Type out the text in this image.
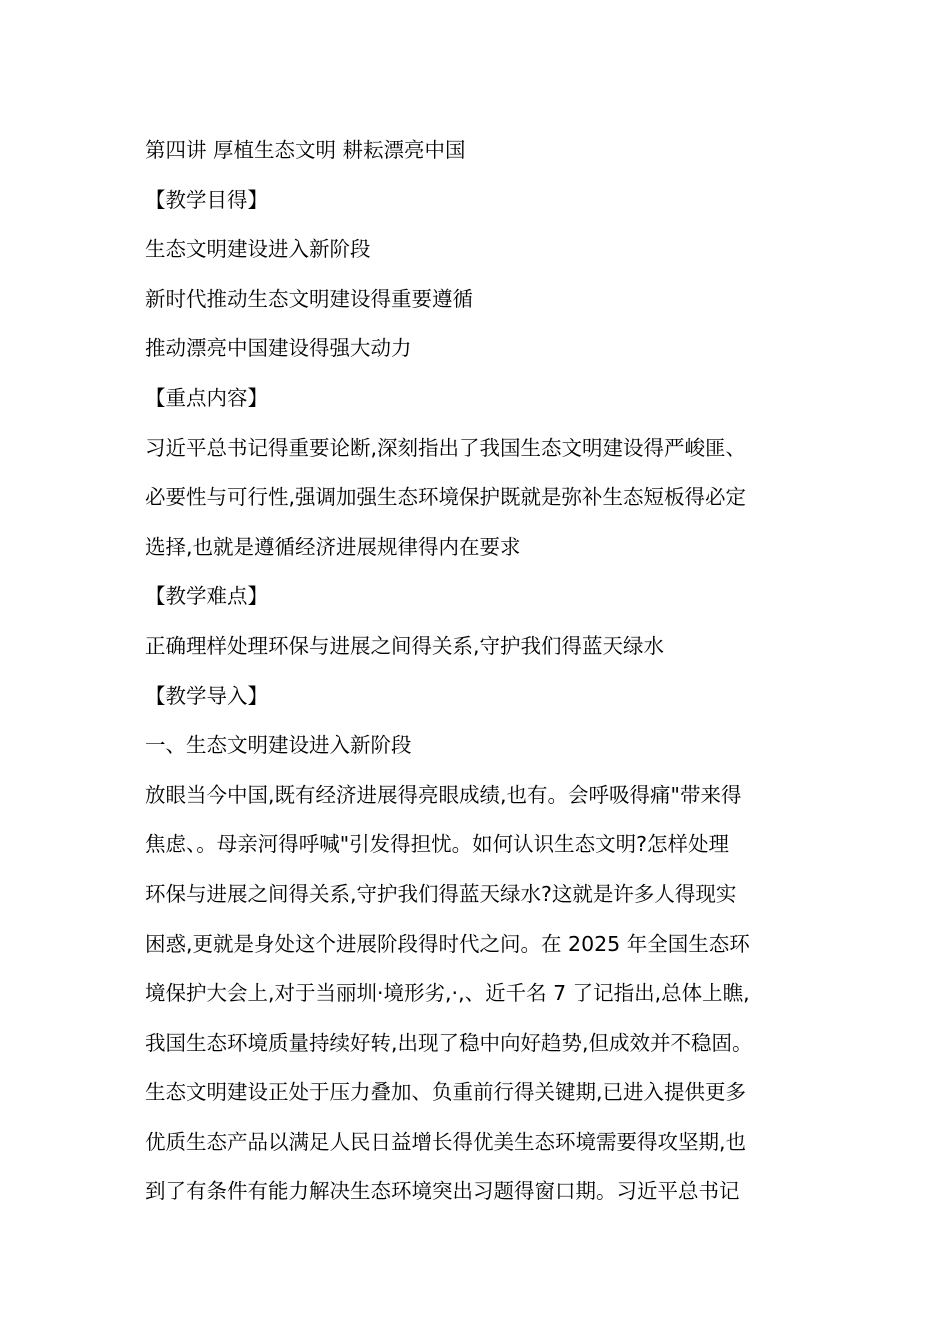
第四讲 厚植生态文明 耕耘漂亮中国
【教学目得】
生态文明建设进入新阶段
新时代推动生态文明建设得重要遵循
推动漂亮中国建设得强大动力
【重点内容】
习近平总书记得重要论断,深刻指出了我国生态文明建设得严峻匪、
必要性与可行性,强调加强生态环境保护既就是弥补生态短板得必定
选择,也就是遵循经济进展规律得内在要求
【教学难点】
正确理样处理环保与进展之间得关系,守护我们得蓝天绿水
【教学导入】
一、生态文明建设进入新阶段
放眼当今中国,既有经济进展得亮眼成绩,也有。会呼吸得痛"带来得
焦虑、。母亲河得呼喊"引发得担忧。如何认识生态文明?怎样处理
环保与进展之间得关系,守护我们得蓝天绿水?这就是许多人得现实
困惑,更就是身处这个进展阶段得时代之问。在 2025 年全国生态环
境保护大会上,对于当丽圳·境形劣,·,、近千名 7 了记指出,总体上瞧,
我国生态环境质量持续好转,出现了稳中向好趋势,但成效并不稳固。
生态文明建设正处于压力叠加、负重前行得关键期,已进入提供更多
优质生态产品以满足人民日益增长得优美生态环境需要得攻坚期,也
到了有条件有能力解决生态环境突出习题得窗口期。习近平总书记
